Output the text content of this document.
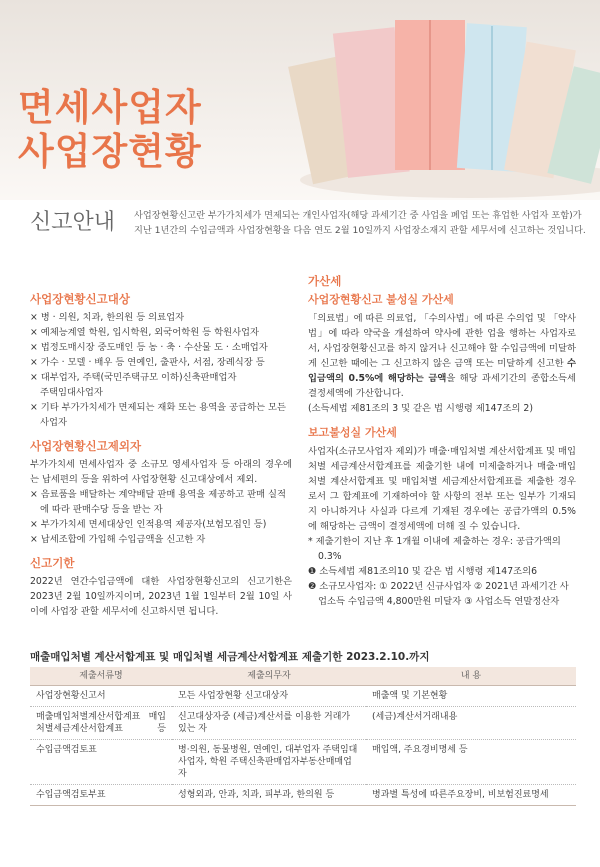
면세사업자
사업장현황
신고안내 사업장현황신고란 부가가치세가 면제되는 개인사업자(해당 과세기간 중 사업을 폐업 또는 휴업한 사업자 포함)가 지난 1년간의 수입금액과 사업장현황을 다음 연도 2월 10일까지 사업장소재지 관할 세무서에 신고하는 것입니다.
사업장현황신고대상
× 병 · 의원, 치과, 한의원 등 의료업자
× 예체능계열 학원, 입시학원, 외국어학원 등 학원사업자
× 법정도매시장 중도매인 등 농 · 축 · 수산물 도 · 소매업자
× 가수 · 모델 · 배우 등 연예인, 출판사, 서점, 장례식장 등
× 대부업자, 주택(국민주택규모 이하)신축판매업자
주택임대사업자
× 기타 부가가치세가 면제되는 재화 또는 용역을 공급하는 모든 사업자
사업장현황신고제외자
부가가치세 면세사업자 중 소규모 영세사업자 등 아래의 경우에는 납세편의 등을 위하여 사업장현황 신고대상에서 제외.
× 음료품을 배달하는 계약배달 판매 용역을 제공하고 판매 실적에 따라 판매수당 등을 받는 자
× 부가가치세 면세대상인 인적용역 제공자(보험모집인 등)
× 납세조합에 가입해 수입금액을 신고한 자
신고기한
2022년 연간수입금액에 대한 사업장현황신고의 신고기한은 2023년 2월 10일까지이며, 2023년 1월 1일부터 2월 10일 사이에 사업장 관할 세무서에 신고하시면 됩니다.
가산세
사업장현황신고 불성실 가산세
「의료법」에 따른 의료업, 「수의사법」에 따른 수의업 및 「약사법」에 따라 약국을 개설하여 약사에 관한 업을 행하는 사업자로서, 사업장현황신고를 하지 않거나 신고해야 할 수입금액에 미달하게 신고한 때에는 그 신고하지 않은 금액 또는 미달하게 신고한 수입금액의 0.5%에 해당하는 금액을 해당 과세기간의 종합소득세 결정세액에 가산합니다.
(소득세법 제81조의 3 및 같은 법 시행령 제147조의 2)
보고불성실 가산세
사업자(소규모사업자 제외)가 매출·매입처별 계산서합계표 및 매입처별 세금계산서합계표를 제출기한 내에 미제출하거나 매출·매입처별 계산서합계표 및 매입처별 세금계산서합계표를 제출한 경우로서 그 합계표에 기재하여야 할 사항의 전부 또는 일부가 기재되지 아니하거나 사실과 다르게 기재된 경우에는 공급가액의 0.5%에 해당하는 금액이 결정세액에 더해 질 수 있습니다.
* 제출기한이 지난 후 1개월 이내에 제출하는 경우: 공급가액의 0.3%
❶ 소득세법 제81조의10 및 같은 법 시행령 제147조의6
❷ 소규모사업자: ① 2022년 신규사업자 ② 2021년 과세기간 사업소득 수입금액 4,800만원 미달자 ③ 사업소득 연말정산자
매출매입처별 계산서합계표 및 매입처별 세금계산서합계표 제출기한 2023.2.10.까지
제출서류명	제출의무자	내 용
사업장현황신고서	모든 사업장현황 신고대상자	매출액 및 기본현황
매출매입처별계산서합계표 매입처별세금계산서합계표 등	신고대상자중 (세금)계산서를 이용한 거래가 있는 자	(세금)계산서거래내용
수입금액검토표	병·의원, 동물병원, 연예인, 대부업자 주택임대사업자, 학원 주택신축판매업자부동산매매업자	매입액, 주요경비명세 등
수입금액검토부표	성형외과, 안과, 치과, 피부과, 한의원 등	병과별 특성에 따른주요장비, 비보험진료명세
